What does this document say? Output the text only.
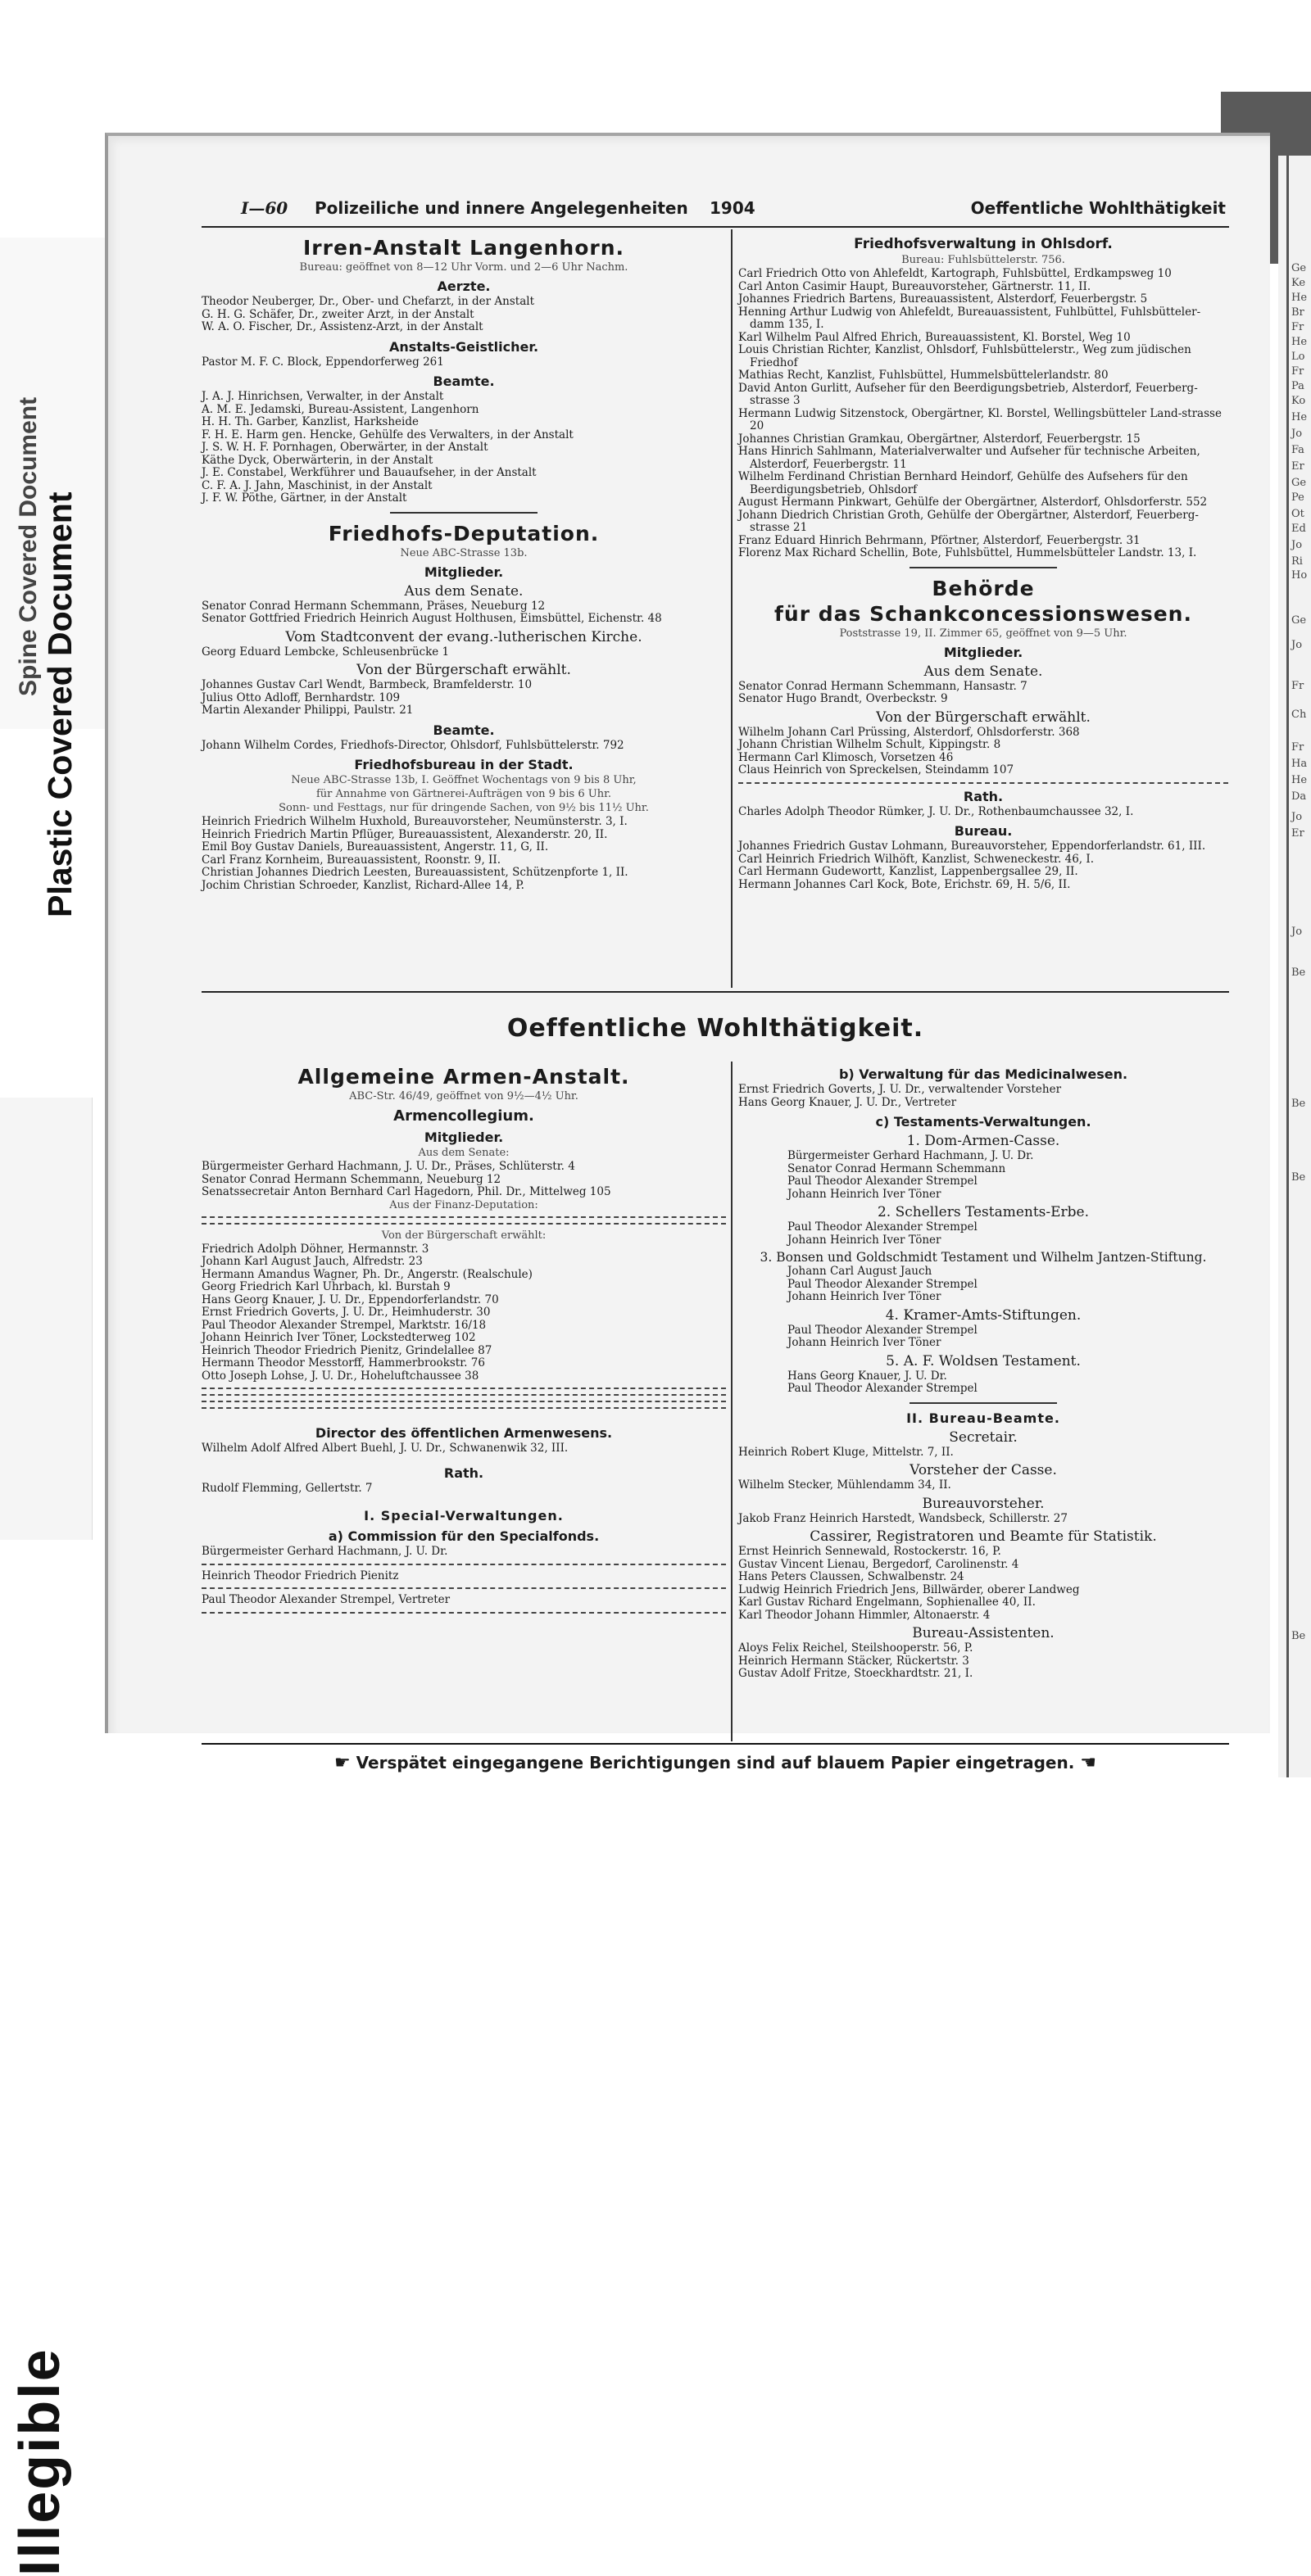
Ge
Ke
He
Br
Fr
He
Lo
Fr
Pa
Ko
He
Jo
Fa
Er
Ge
Pe
Ot
Ed
Jo
Ri
Ho
Ge
Jo
Fr
Ch
Fr
Ha
He
Da
Jo
Er
Jo
Be
Be
Be
Be
Spine Covered Document Plastic Covered Document
Illegible
I—60 Polizeiliche und innere Angelegenheiten 1904	Oeffentliche Wohlthätigkeit
Irren-Anstalt Langenhorn.
Bureau: geöffnet von 8—12 Uhr Vorm. und 2—6 Uhr Nachm.
Aerzte.

Theodor Neuberger, Dr., Ober- und Chefarzt, in der Anstalt

G. H. G. Schäfer, Dr., zweiter Arzt, in der Anstalt

W. A. O. Fischer, Dr., Assistenz-Arzt, in der Anstalt

Anstalts-Geistlicher.

Pastor M. F. C. Block, Eppendorferweg 261

Beamte.

J. A. J. Hinrichsen, Verwalter, in der Anstalt

A. M. E. Jedamski, Bureau-Assistent, Langenhorn

H. H. Th. Garber, Kanzlist, Harksheide

F. H. E. Harm gen. Hencke, Gehülfe des Verwalters, in der Anstalt

J. S. W. H. F. Pornhagen, Oberwärter, in der Anstalt

Käthe Dyck, Oberwärterin, in der Anstalt

J. E. Constabel, Werkführer und Bauaufseher, in der Anstalt

C. F. A. J. Jahn, Maschinist, in der Anstalt

J. F. W. Pöthe, Gärtner, in der Anstalt

Friedhofs-Deputation.
Neue ABC-Strasse 13b.
Mitglieder.
Aus dem Senate.

Senator Conrad Hermann Schemmann, Präses, Neueburg 12

Senator Gottfried Friedrich Heinrich August Holthusen, Eimsbüttel, Eichenstr. 48

Vom Stadtconvent der evang.-lutherischen Kirche.

Georg Eduard Lembcke, Schleusenbrücke 1

Von der Bürgerschaft erwählt.

Johannes Gustav Carl Wendt, Barmbeck, Bramfelderstr. 10

Julius Otto Adloff, Bernhardstr. 109

Martin Alexander Philippi, Paulstr. 21

Beamte.

Johann Wilhelm Cordes, Friedhofs-Director, Ohlsdorf, Fuhlsbüttelerstr. 792

Friedhofsbureau in der Stadt.
Neue ABC-Strasse 13b, I. Geöffnet Wochentags von 9 bis 8 Uhr,
für Annahme von Gärtnerei-Aufträgen von 9 bis 6 Uhr.
Sonn- und Festtags, nur für dringende Sachen, von 9½ bis 11½ Uhr.

Heinrich Friedrich Wilhelm Huxhold, Bureauvorsteher, Neumünsterstr. 3, I.

Heinrich Friedrich Martin Pflüger, Bureauassistent, Alexanderstr. 20, II.

Emil Boy Gustav Daniels, Bureauassistent, Angerstr. 11, G, II.

Carl Franz Kornheim, Bureauassistent, Roonstr. 9, II.

Christian Johannes Diedrich Leesten, Bureauassistent, Schützenpforte 1, II.

Jochim Christian Schroeder, Kanzlist, Richard-Allee 14, P.

Friedhofsverwaltung in Ohlsdorf.
Bureau: Fuhlsbüttelerstr. 756.

Carl Friedrich Otto von Ahlefeldt, Kartograph, Fuhlsbüttel, Erdkampsweg 10

Carl Anton Casimir Haupt, Bureauvorsteher, Gärtnerstr. 11, II.

Johannes Friedrich Bartens, Bureauassistent, Alsterdorf, Feuerbergstr. 5

Henning Arthur Ludwig von Ahlefeldt, Bureauassistent, Fuhlbüttel, Fuhlsbütteler-damm 135, I.

Karl Wilhelm Paul Alfred Ehrich, Bureauassistent, Kl. Borstel, Weg 10

Louis Christian Richter, Kanzlist, Ohlsdorf, Fuhlsbüttelerstr., Weg zum jüdischen Friedhof

Mathias Recht, Kanzlist, Fuhlsbüttel, Hummelsbüttelerlandstr. 80

David Anton Gurlitt, Aufseher für den Beerdigungsbetrieb, Alsterdorf, Feuerberg-strasse 3

Hermann Ludwig Sitzenstock, Obergärtner, Kl. Borstel, Wellingsbütteler Land-strasse 20

Johannes Christian Gramkau, Obergärtner, Alsterdorf, Feuerbergstr. 15

Hans Hinrich Sahlmann, Materialverwalter und Aufseher für technische Arbeiten, Alsterdorf, Feuerbergstr. 11

Wilhelm Ferdinand Christian Bernhard Heindorf, Gehülfe des Aufsehers für den Beerdigungsbetrieb, Ohlsdorf

August Hermann Pinkwart, Gehülfe der Obergärtner, Alsterdorf, Ohlsdorferstr. 552

Johann Diedrich Christian Groth, Gehülfe der Obergärtner, Alsterdorf, Feuerberg-strasse 21

Franz Eduard Hinrich Behrmann, Pförtner, Alsterdorf, Feuerbergstr. 31

Florenz Max Richard Schellin, Bote, Fuhlsbüttel, Hummelsbütteler Landstr. 13, I.

Behörde
für das Schankconcessionswesen.
Poststrasse 19, II. Zimmer 65, geöffnet von 9—5 Uhr.
Mitglieder.
Aus dem Senate.

Senator Conrad Hermann Schemmann, Hansastr. 7

Senator Hugo Brandt, Overbeckstr. 9

Von der Bürgerschaft erwählt.

Wilhelm Johann Carl Prüssing, Alsterdorf, Ohlsdorferstr. 368

Johann Christian Wilhelm Schult, Kippingstr. 8

Hermann Carl Klimosch, Vorsetzen 46

Claus Heinrich von Spreckelsen, Steindamm 107

Rath.

Charles Adolph Theodor Rümker, J. U. Dr., Rothenbaumchaussee 32, I.

Bureau.

Johannes Friedrich Gustav Lohmann, Bureauvorsteher, Eppendorferlandstr. 61, III.

Carl Heinrich Friedrich Wilhöft, Kanzlist, Schweneckestr. 46, I.

Carl Hermann Gudewortt, Kanzlist, Lappenbergsallee 29, II.

Hermann Johannes Carl Kock, Bote, Erichstr. 69, H. 5/6, II.

Oeffentliche Wohlthätigkeit.
Allgemeine Armen-Anstalt.
ABC-Str. 46/49, geöffnet von 9½—4½ Uhr.
Armencollegium.
Mitglieder.
Aus dem Senate:

Bürgermeister Gerhard Hachmann, J. U. Dr., Präses, Schlüterstr. 4

Senator Conrad Hermann Schemmann, Neueburg 12

Senatssecretair Anton Bernhard Carl Hagedorn, Phil. Dr., Mittelweg 105

Aus der Finanz-Deputation:
Von der Bürgerschaft erwählt:

Friedrich Adolph Döhner, Hermannstr. 3

Johann Karl August Jauch, Alfredstr. 23

Hermann Amandus Wagner, Ph. Dr., Angerstr. (Realschule)

Georg Friedrich Karl Uhrbach, kl. Burstah 9

Hans Georg Knauer, J. U. Dr., Eppendorferlandstr. 70

Ernst Friedrich Goverts, J. U. Dr., Heimhuderstr. 30

Paul Theodor Alexander Strempel, Marktstr. 16/18

Johann Heinrich Iver Töner, Lockstedterweg 102

Heinrich Theodor Friedrich Pienitz, Grindelallee 87

Hermann Theodor Messtorff, Hammerbrookstr. 76

Otto Joseph Lohse, J. U. Dr., Hoheluftchaussee 38

Director des öffentlichen Armenwesens.

Wilhelm Adolf Alfred Albert Buehl, J. U. Dr., Schwanenwik 32, III.

Rath.

Rudolf Flemming, Gellertstr. 7

I. Special-Verwaltungen.
a) Commission für den Specialfonds.

Bürgermeister Gerhard Hachmann, J. U. Dr.

Heinrich Theodor Friedrich Pienitz

Paul Theodor Alexander Strempel, Vertreter

b) Verwaltung für das Medicinalwesen.

Ernst Friedrich Goverts, J. U. Dr., verwaltender Vorsteher

Hans Georg Knauer, J. U. Dr., Vertreter

c) Testaments-Verwaltungen.
1. Dom-Armen-Casse.

Bürgermeister Gerhard Hachmann, J. U. Dr.

Senator Conrad Hermann Schemmann

Paul Theodor Alexander Strempel

Johann Heinrich Iver Töner

2. Schellers Testaments-Erbe.

Paul Theodor Alexander Strempel

Johann Heinrich Iver Töner

3. Bonsen und Goldschmidt Testament und Wilhelm Jantzen-Stiftung.

Johann Carl August Jauch

Paul Theodor Alexander Strempel

Johann Heinrich Iver Töner

4. Kramer-Amts-Stiftungen.

Paul Theodor Alexander Strempel

Johann Heinrich Iver Töner

5. A. F. Woldsen Testament.

Hans Georg Knauer, J. U. Dr.

Paul Theodor Alexander Strempel

II. Bureau-Beamte.
Secretair.

Heinrich Robert Kluge, Mittelstr. 7, II.

Vorsteher der Casse.

Wilhelm Stecker, Mühlendamm 34, II.

Bureauvorsteher.

Jakob Franz Heinrich Harstedt, Wandsbeck, Schillerstr. 27

Cassirer, Registratoren und Beamte für Statistik.

Ernst Heinrich Sennewald, Rostockerstr. 16, P.

Gustav Vincent Lienau, Bergedorf, Carolinenstr. 4

Hans Peters Claussen, Schwalbenstr. 24

Ludwig Heinrich Friedrich Jens, Billwärder, oberer Landweg

Karl Gustav Richard Engelmann, Sophienallee 40, II.

Karl Theodor Johann Himmler, Altonaerstr. 4

Bureau-Assistenten.

Aloys Felix Reichel, Steilshooperstr. 56, P.

Heinrich Hermann Stäcker, Rückertstr. 3

Gustav Adolf Fritze, Stoeckhardtstr. 21, I.

☛ Verspätet eingegangene Berichtigungen sind auf blauem Papier eingetragen. ☚
